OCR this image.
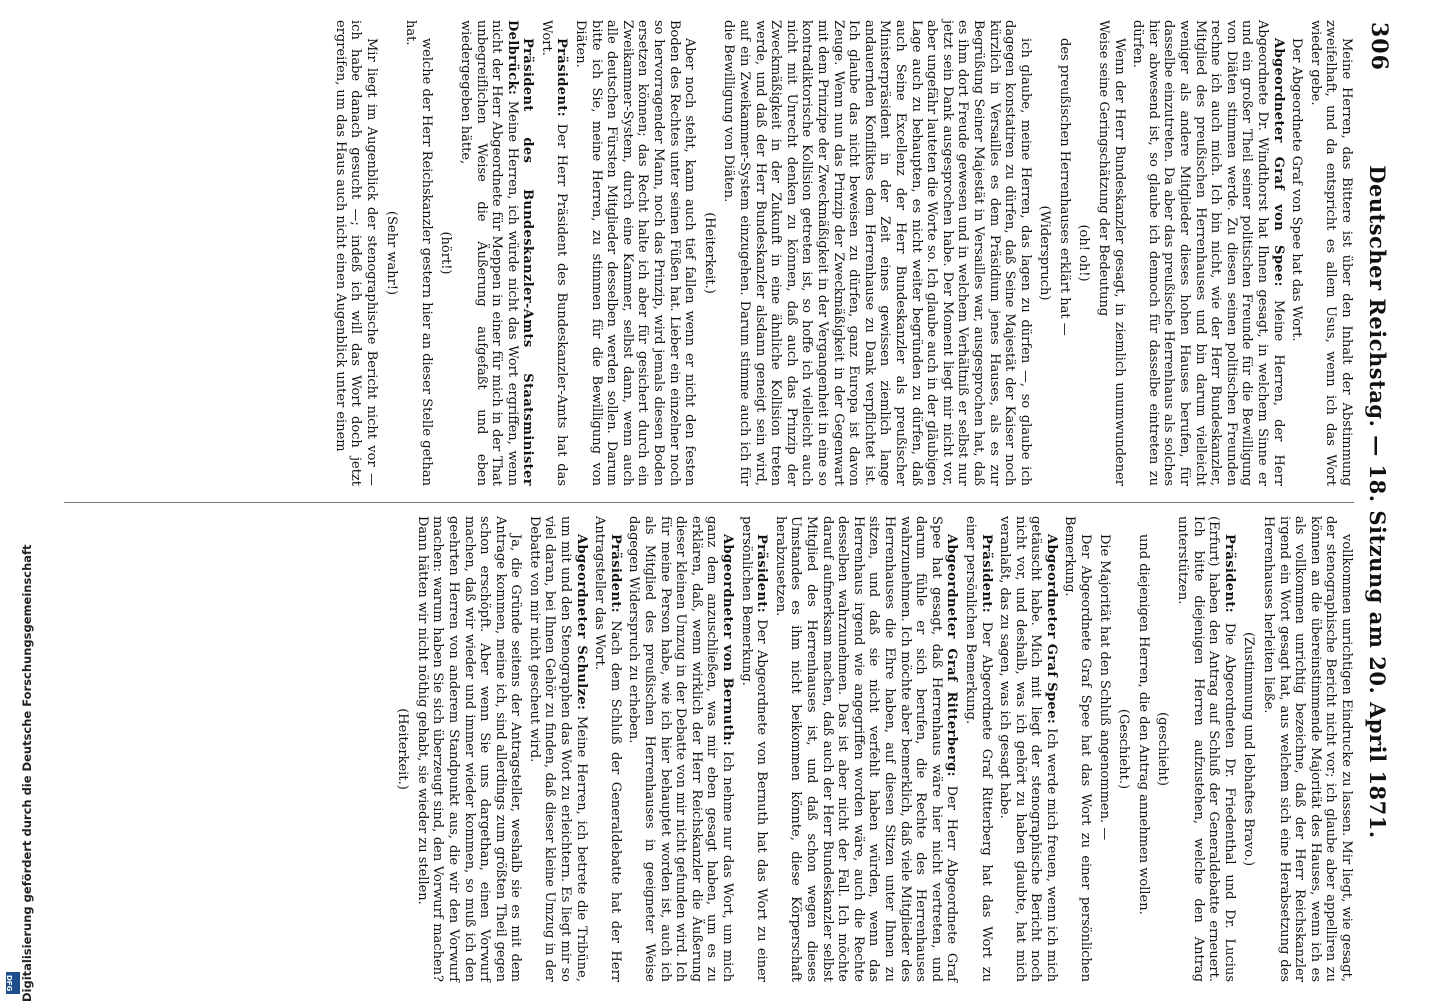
306
Deutscher Reichstag. — 18. Sitzung am 20. April 1871.

Meine Herren, das Bittere ist über den Inhalt der Abstimmung zweifelhaft, und da entspricht es allem Usus, wenn ich das Wort wieder gebe.

Der Abgeordnete Graf von Spee hat das Wort.

Abgeordneter Graf von Spee: Meine Herren, der Herr Abgeordnete Dr. Windthorst hat Ihnen gesagt, in welchem Sinne er und ein großer Theil seiner politischen Freunde für die Bewilligung von Diäten stimmen werde. Zu diesen seinen politischen Freunden rechne ich auch mich. Ich bin nicht, wie der Herr Bundeskanzler, Mitglied des preußischen Herrenhauses und bin darum vielleicht weniger als andere Mitglieder dieses hohen Hauses berufen, für dasselbe einzutreten. Da aber das preußische Herrenhaus als solches hier abwesend ist, so glaube ich dennoch für dasselbe eintreten zu dürfen.

Wenn der Herr Bundeskanzler gesagt, in ziemlich unumwundener Weise seine Geringschätzung der Bedeutung

(oh! oh!)

des preußischen Herrenhauses erklärt hat —

(Widerspruch)

ich glaube, meine Herren, das lagen zu dürfen —, so glaube ich dagegen konstatiren zu dürfen, daß Seine Majestät der Kaiser noch kürzlich in Versailles es dem Präsidium jenes Hauses, als es zur Begrüßung Seiner Majestät in Versailles war, ausgesprochen hat, daß es ihm dort Freude gewesen und in welchem Verhältniß er selbst nur jetzt sein Dank ausgesprochen habe. Der Moment liegt mir nicht vor, aber ungefähr lauteten die Worte so. Ich glaube auch in der gläubigen Lage auch zu behaupten, es nicht weiter begründen zu dürfen, daß auch Seine Excellenz der Herr Bundeskanzler als preußischer Ministerpräsident in der Zeit eines gewissen ziemlich lange andauernden Konfliktes dem Herrenhause zu Dank verpflichtet ist. Ich glaube das nicht beweisen zu dürfen, ganz Europa ist davon Zeuge. Wenn nun das Prinzip der Zweckmäßigkeit in der Gegenwart mit dem Prinzipe der Zweckmäßigkeit in der Vergangenheit in eine so kontradiktorische Kollision getreten ist, so hoffe ich vielleicht auch nicht mit Unrecht denken zu können, daß auch das Prinzip der Zweckmäßigkeit in der Zukunft in eine ähnliche Kollision treten werde, und daß der Herr Bundeskanzler alsdann geneigt sein wird, auf ein Zweikammer-System einzugehen. Darum stimme auch ich für die Bewilligung von Diäten.

(Heiterkeit.)

Aber noch steht, kann auch tief fallen wenn er nicht den festen Boden des Rechtes unter seinen Füßen hat. Lieber ein einzelner noch so hervorragender Mann, noch das Prinzip, wird jemals diesen Boden ersetzen können; das Recht halte ich aber für gesichert durch ein Zweikammer-System, durch eine Kammer, selbst dann, wenn auch alle deutschen Fürsten Mitglieder desselben werden sollen. Darum bitte ich Sie, meine Herren, zu stimmen für die Bewilligung von Diäten.

Präsident: Der Herr Präsident des Bundeskanzler-Amts hat das Wort.

Präsident des Bundeskanzler-Amts Staatsminister Delbrück: Meine Herren, ich würde nicht das Wort ergriffen, wenn nicht der Herr Abgeordnete für Meppen in einer für mich in der That unbegreiflichen Weise die Äußerung aufgefaßt und eben wiedergegeben hätte,

(hört!)

welche der Herr Reichskanzler gestern hier an dieser Stelle gethan hat.

(Sehr wahr!)

Mir liegt im Augenblick der stenographische Bericht nicht vor — ich habe danach gesucht —; indeß ich will das Wort doch jetzt ergreifen, um das Haus auch nicht einen Augenblick unter einem

vollkommen unrichtigen Eindrucke zu lassen. Mir liegt, wie gesagt, der stenographische Bericht nicht vor; ich glaube aber appelliren zu können an die übereinstimmende Majorität des Hauses, wenn ich es als vollkommen unrichtig bezeichne, daß der Herr Reichskanzler irgend ein Wort gesagt hat, aus welchem sich eine Herabsetzung des Herrenhauses herleiten ließe.

(Zustimmung und lebhaftes Bravo.)

Präsident: Die Abgeordneten Dr. Friedenthal und Dr. Lucius (Erfurt) haben den Antrag auf Schluß der Generaldebatte erneuert. Ich bitte diejenigen Herren aufzustehen, welche den Antrag unterstützen.

(geschieht)

und diejenigen Herren, die den Antrag annehmen wollen.

(Geschieht.)

Die Majorität hat den Schluß angenommen. —

Der Abgeordnete Graf Spee hat das Wort zu einer persönlichen Bemerkung.

Abgeordneter Graf Spee: Ich werde mich freuen, wenn ich mich getäuscht habe. Mich mit liegt der stenographische Bericht noch nicht vor, und deshalb, was ich gehört zu haben glaubte, hat mich veranlaßt, das zu sagen, was ich gesagt habe.

Präsident: Der Abgeordnete Graf Ritterberg hat das Wort zu einer persönlichen Bemerkung.

Abgeordneter Graf Ritterberg: Der Herr Abgeordnete Graf Spee hat gesagt, daß Herrenhaus wäre hier nicht vertreten, und darum fühle er sich berufen, die Rechte des Herrenhauses wahrzunehmen. Ich möchte aber bemerklich, daß viele Mitglieder des Herrenhauses die Ehre haben, auf diesen Sitzen unter Ihnen zu sitzen, und daß sie nicht verfehlt haben würden, wenn das Herrenhaus irgend wie angegriffen worden wäre, auch die Rechte desselben wahrzunehmen. Das ist aber nicht der Fall. Ich möchte darauf aufmerksam machen, daß auch der Herr Bundeskanzler selbst Mitglied des Herrenhauses ist, und daß schon wegen dieses Umstandes es ihm nicht beikommen könnte, diese Körperschaft herabzusetzen.

Präsident: Der Abgeordnete von Bernuth hat das Wort zu einer persönlichen Bemerkung.

Abgeordneter von Bernuth: Ich nehme nur das Wort, um mich ganz dem anzuschließen, was mir eben gesagt haben, um es zu erklären, daß, wenn wirklich der Herr Reichskanzler die Äußerung dieser kleinen Umzug in der Debatte von mir nicht gefunden wird. Ich für meine Person habe, wie ich hier behauptet worden ist, auch ich als Mitglied des preußischen Herrenhauses in geeigneter Weise dagegen Widerspruch zu erheben.

Präsident: Nach dem Schluß der Generaldebatte hat der Herr Antragsteller das Wort.

Abgeordneter Schulze: Meine Herren, ich betrete die Tribüne, um mit und den Stenographen das Wort zu erleichtern. Es liegt mir so viel daran, bei Ihnen Gehör zu finden, daß dieser kleine Umzug in der Debatte von mir nicht gescheut wird.

Ja, die Gründe seitens der Antragsteller, weshalb sie es mit dem Antrage kommen, meine ich, sind allerdings zum größten Theil gegen schon erschöpft. Aber wenn Sie uns dargethan, einen Vorwurf machen, daß wir wieder und immer wieder kommen, so muß ich den geehrten Herren von anderem Standpunkt aus, die wir den Vorwurf machen: warum haben Sie sich überzeugt sind, den Vorwurf machen? Dann hätten wir nicht nöthig gehabt, sie wieder zu stellen.

(Heiterkeit.)

Digitalisierung gefördert durch die Deutsche Forschungsgemeinschaft
DFG
